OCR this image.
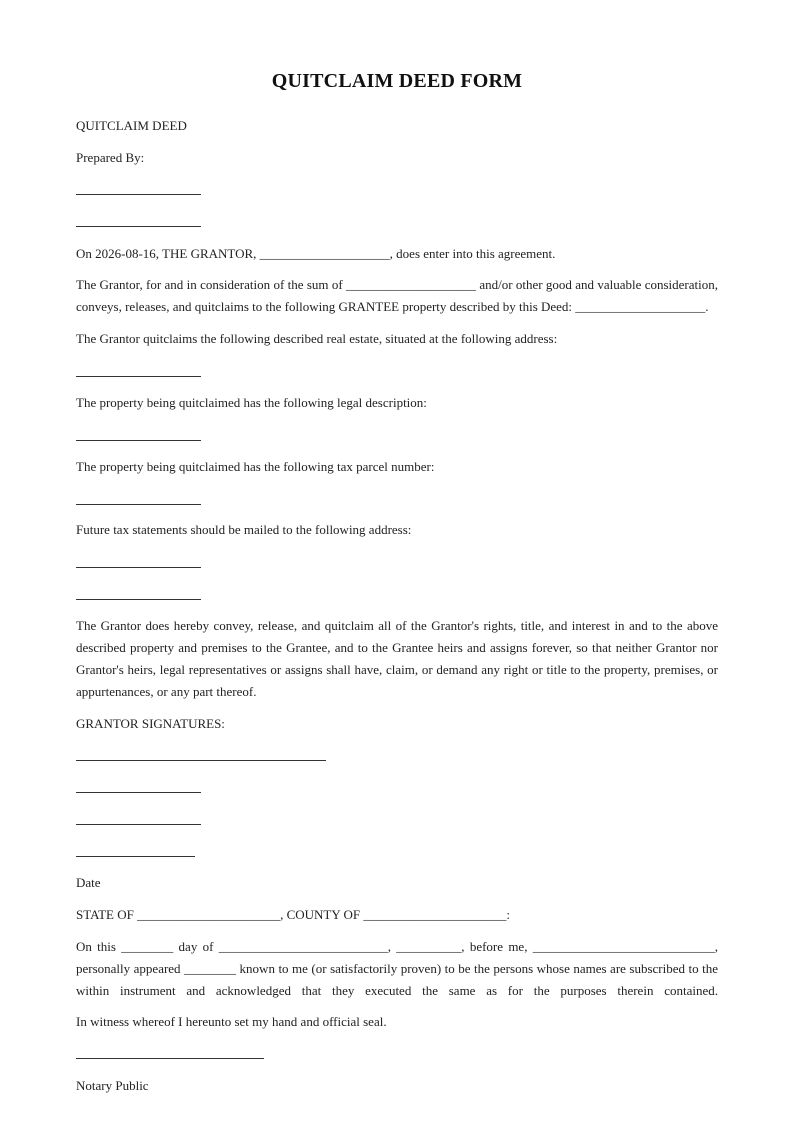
QUITCLAIM DEED FORM
QUITCLAIM DEED
Prepared By:
On 2026-08-16, THE GRANTOR, ____________________, does enter into this agreement.
The Grantor, for and in consideration of the sum of ____________________ and/or other good and valuable consideration, conveys, releases, and quitclaims to the following GRANTEE property described by this Deed: ____________________.
The Grantor quitclaims the following described real estate, situated at the following address:
The property being quitclaimed has the following legal description:
The property being quitclaimed has the following tax parcel number:
Future tax statements should be mailed to the following address:
The Grantor does hereby convey, release, and quitclaim all of the Grantor's rights, title, and interest in and to the above described property and premises to the Grantee, and to the Grantee heirs and assigns forever, so that neither Grantor nor Grantor's heirs, legal representatives or assigns shall have, claim, or demand any right or title to the property, premises, or appurtenances, or any part thereof.
GRANTOR SIGNATURES:
Date
STATE OF ______________________, COUNTY OF ______________________:
On this ________ day of __________________________, __________, before me, ____________________________, personally appeared ________ known to me (or satisfactorily proven) to be the persons whose names are subscribed to the within instrument and acknowledged that they executed the same as for the purposes therein contained.
In witness whereof I hereunto set my hand and official seal.
Notary Public
